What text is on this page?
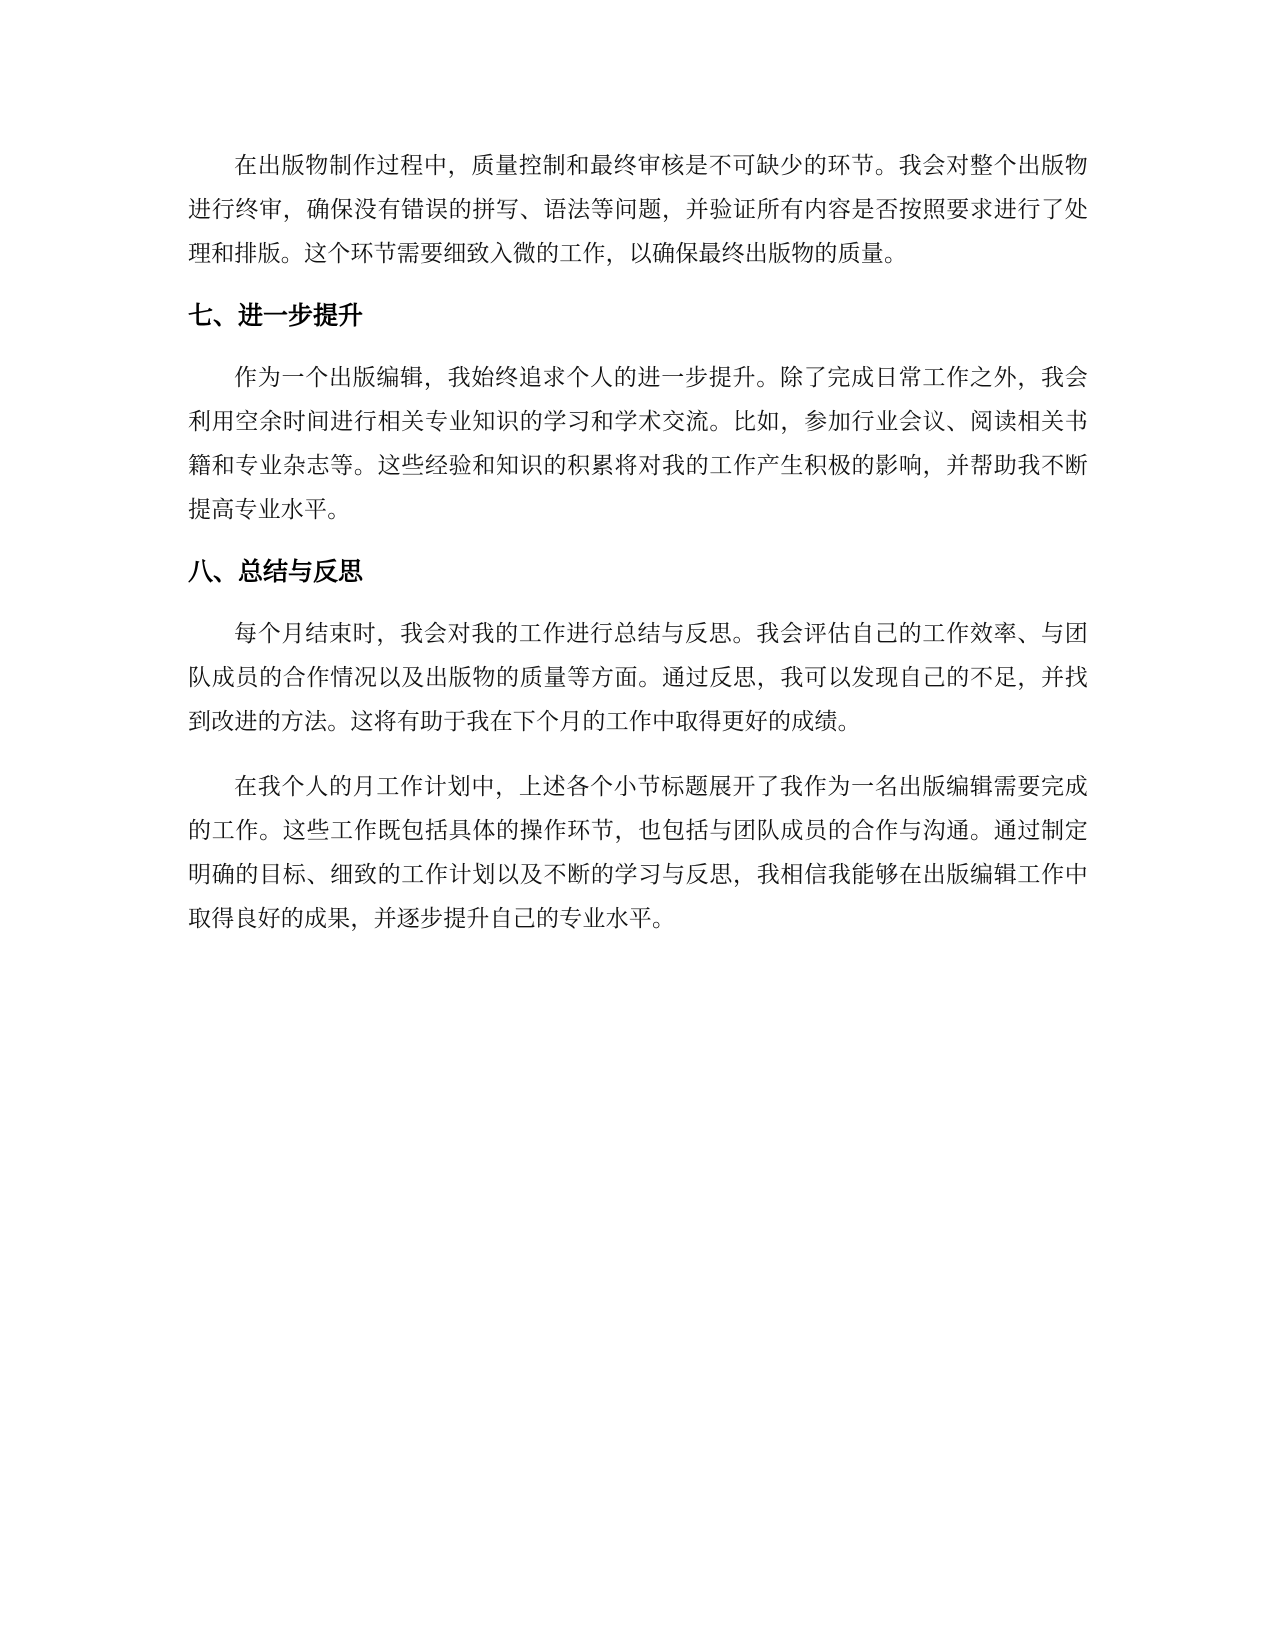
在出版物制作过程中，质量控制和最终审核是不可缺少的环节。我会对整个出版物进行终审，确保没有错误的拼写、语法等问题，并验证所有内容是否按照要求进行了处理和排版。这个环节需要细致入微的工作，以确保最终出版物的质量。

七、进一步提升

作为一个出版编辑，我始终追求个人的进一步提升。除了完成日常工作之外，我会利用空余时间进行相关专业知识的学习和学术交流。比如，参加行业会议、阅读相关书籍和专业杂志等。这些经验和知识的积累将对我的工作产生积极的影响，并帮助我不断提高专业水平。

八、总结与反思

每个月结束时，我会对我的工作进行总结与反思。我会评估自己的工作效率、与团队成员的合作情况以及出版物的质量等方面。通过反思，我可以发现自己的不足，并找到改进的方法。这将有助于我在下个月的工作中取得更好的成绩。

在我个人的月工作计划中，上述各个小节标题展开了我作为一名出版编辑需要完成的工作。这些工作既包括具体的操作环节，也包括与团队成员的合作与沟通。通过制定明确的目标、细致的工作计划以及不断的学习与反思，我相信我能够在出版编辑工作中取得良好的成果，并逐步提升自己的专业水平。
